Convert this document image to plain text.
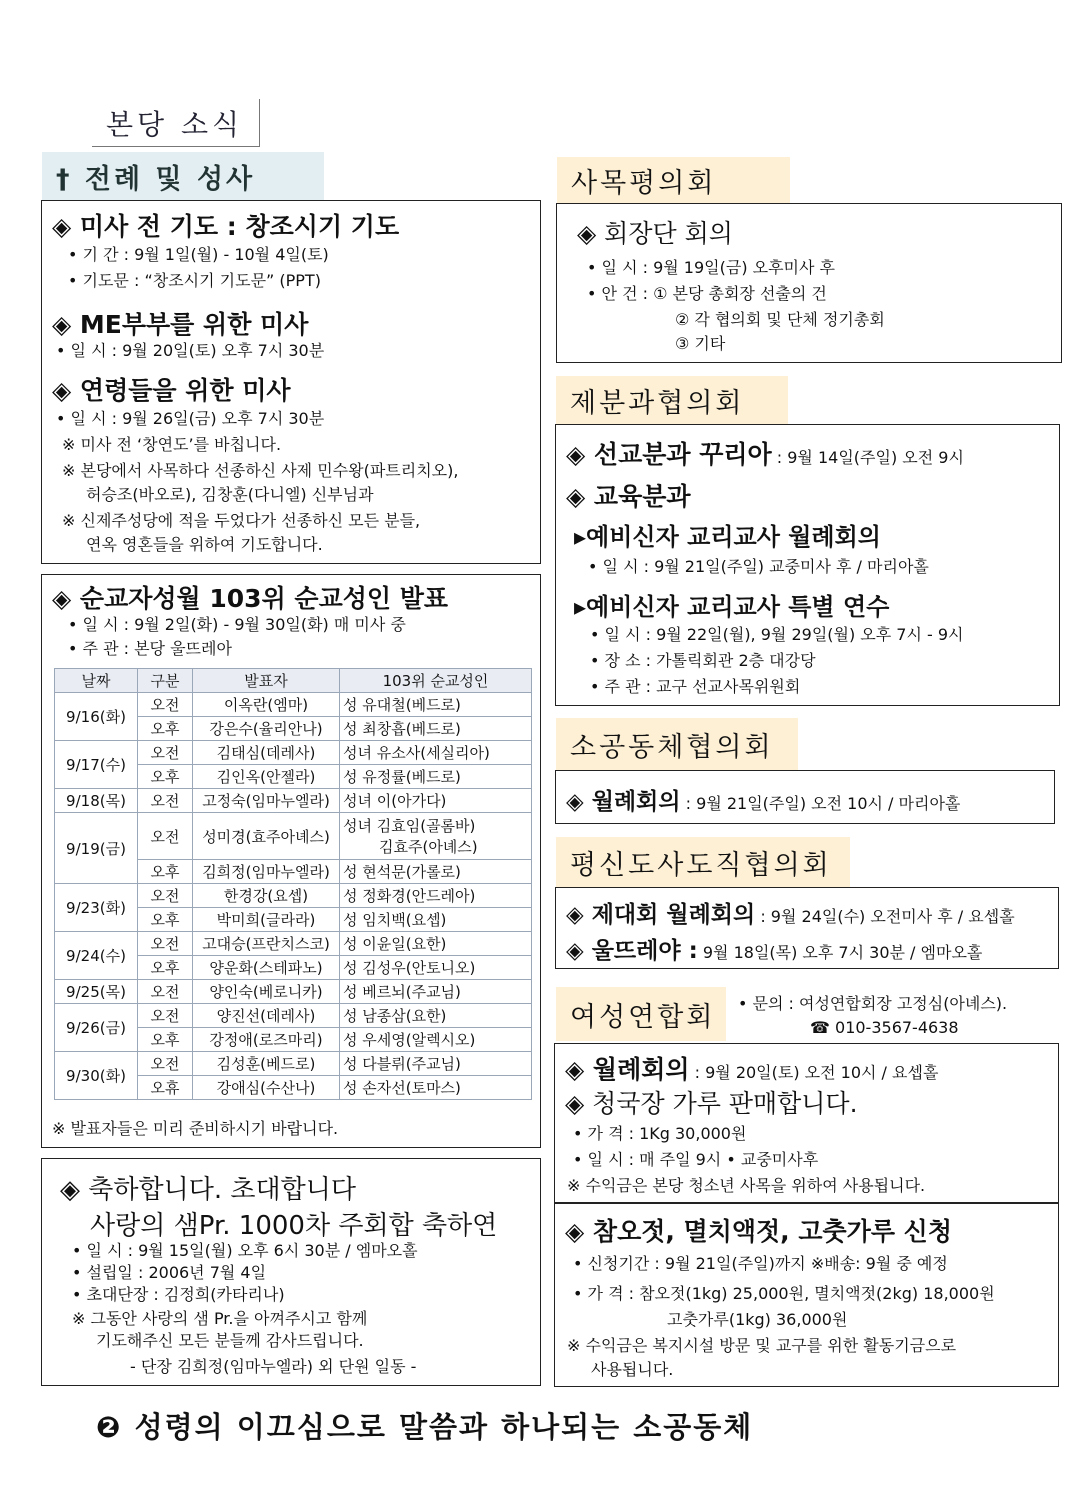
본당 소식
† 전례 및 성사
◈ 미사 전 기도 : 창조시기 기도
• 기 간 : 9월 1일(월) - 10월 4일(토)
• 기도문 : “창조시기 기도문” (PPT)
◈ ME부부를 위한 미사
• 일 시 : 9월 20일(토) 오후 7시 30분
◈ 연령들을 위한 미사
• 일 시 : 9월 26일(금) 오후 7시 30분
※ 미사 전 ‘창연도’를 바칩니다.
※ 본당에서 사목하다 선종하신 사제 민수왕(파트리치오),
허승조(바오로), 김창훈(다니엘) 신부님과
※ 신제주성당에 적을 두었다가 선종하신 모든 분들,
연옥 영혼들을 위하여 기도합니다.
◈ 순교자성월 103위 순교성인 발표
• 일 시 : 9월 2일(화) - 9월 30일(화) 매 미사 중
• 주 관 : 본당 울뜨레아
날짜	구분	발표자	103위 순교성인
9/16(화)	오전	이옥란(엠마)	성 유대철(베드로)
	오후	강은수(율리안나)	성 최창흡(베드로)
9/17(수)	오전	김태심(데레사)	성녀 유소사(세실리아)
	오후	김인옥(안젤라)	성 유정률(베드로)
9/18(목)	오전	고정숙(임마누엘라)	성녀 이(아가다)
9/19(금)	오전	성미경(효주아녜스)	성녀 김효임(골롬바)
김효주(아녜스)

	오후	김희정(임마누엘라)	성 현석문(가롤로)
9/23(화)	오전	한경강(요셉)	성 정화경(안드레아)
	오후	박미희(글라라)	성 임치백(요셉)
9/24(수)	오전	고대승(프란치스코)	성 이윤일(요한)
	오후	양운화(스테파노)	성 김성우(안토니오)
9/25(목)	오전	양인숙(베로니카)	성 베르뇌(주교님)
9/26(금)	오전	양진선(데레사)	성 남종삼(요한)
	오후	강정애(로즈마리)	성 우세영(알렉시오)
9/30(화)	오전	김성훈(베드로)	성 다블뤼(주교님)
	오휴	강애심(수산나)	성 손자선(토마스)
※ 발표자들은 미리 준비하시기 바랍니다.
◈ 축하합니다. 초대합니다
사랑의 샘Pr. 1000차 주회합 축하연
• 일 시 : 9월 15일(월) 오후 6시 30분 / 엠마오홀
• 설립일 : 2006년 7월 4일
• 초대단장 : 김정희(카타리나)
※ 그동안 사랑의 샘 Pr.을 아껴주시고 함께
기도해주신 모든 분들께 감사드립니다.
- 단장 김희정(임마누엘라) 외 단원 일동 -
사목평의회
◈ 회장단 회의
• 일 시 : 9월 19일(금) 오후미사 후
• 안 건 : ① 본당 총회장 선출의 건
② 각 협의회 및 단체 정기총회
③ 기타
제분과협의회
◈ 선교분과 꾸리아 : 9월 14일(주일) 오전 9시
◈ 교육분과
▸예비신자 교리교사 월례회의
• 일 시 : 9월 21일(주일) 교중미사 후 / 마리아홀
▸예비신자 교리교사 특별 연수
• 일 시 : 9월 22일(월), 9월 29일(월) 오후 7시 - 9시
• 장 소 : 가톨릭회관 2층 대강당
• 주 관 : 교구 선교사목위원회
소공동체협의회
◈ 월례회의 : 9월 21일(주일) 오전 10시 / 마리아홀
평신도사도직협의회
◈ 제대회 월례회의 : 9월 24일(수) 오전미사 후 / 요셉홀
◈ 울뜨레야 : 9월 18일(목) 오후 7시 30분 / 엠마오홀
여성연합회 • 문의 : 여성연합회장 고정심(아녜스).
☎ 010-3567-4638
◈ 월례회의 : 9월 20일(토) 오전 10시 / 요셉홀
◈ 청국장 가루 판매합니다.
• 가 격 : 1Kg 30,000원
• 일 시 : 매 주일 9시 • 교중미사후
※ 수익금은 본당 청소년 사목을 위하여 사용됩니다.
◈ 참오젓, 멸치액젓, 고춧가루 신청
• 신청기간 : 9월 21일(주일)까지 ※배송: 9월 중 예정
• 가 격 : 참오젓(1kg) 25,000원, 멸치액젓(2kg) 18,000원
고춧가루(1kg) 36,000원
※ 수익금은 복지시설 방문 및 교구를 위한 활동기금으로
사용됩니다.
❷ 성령의 이끄심으로 말씀과 하나되는 소공동체
